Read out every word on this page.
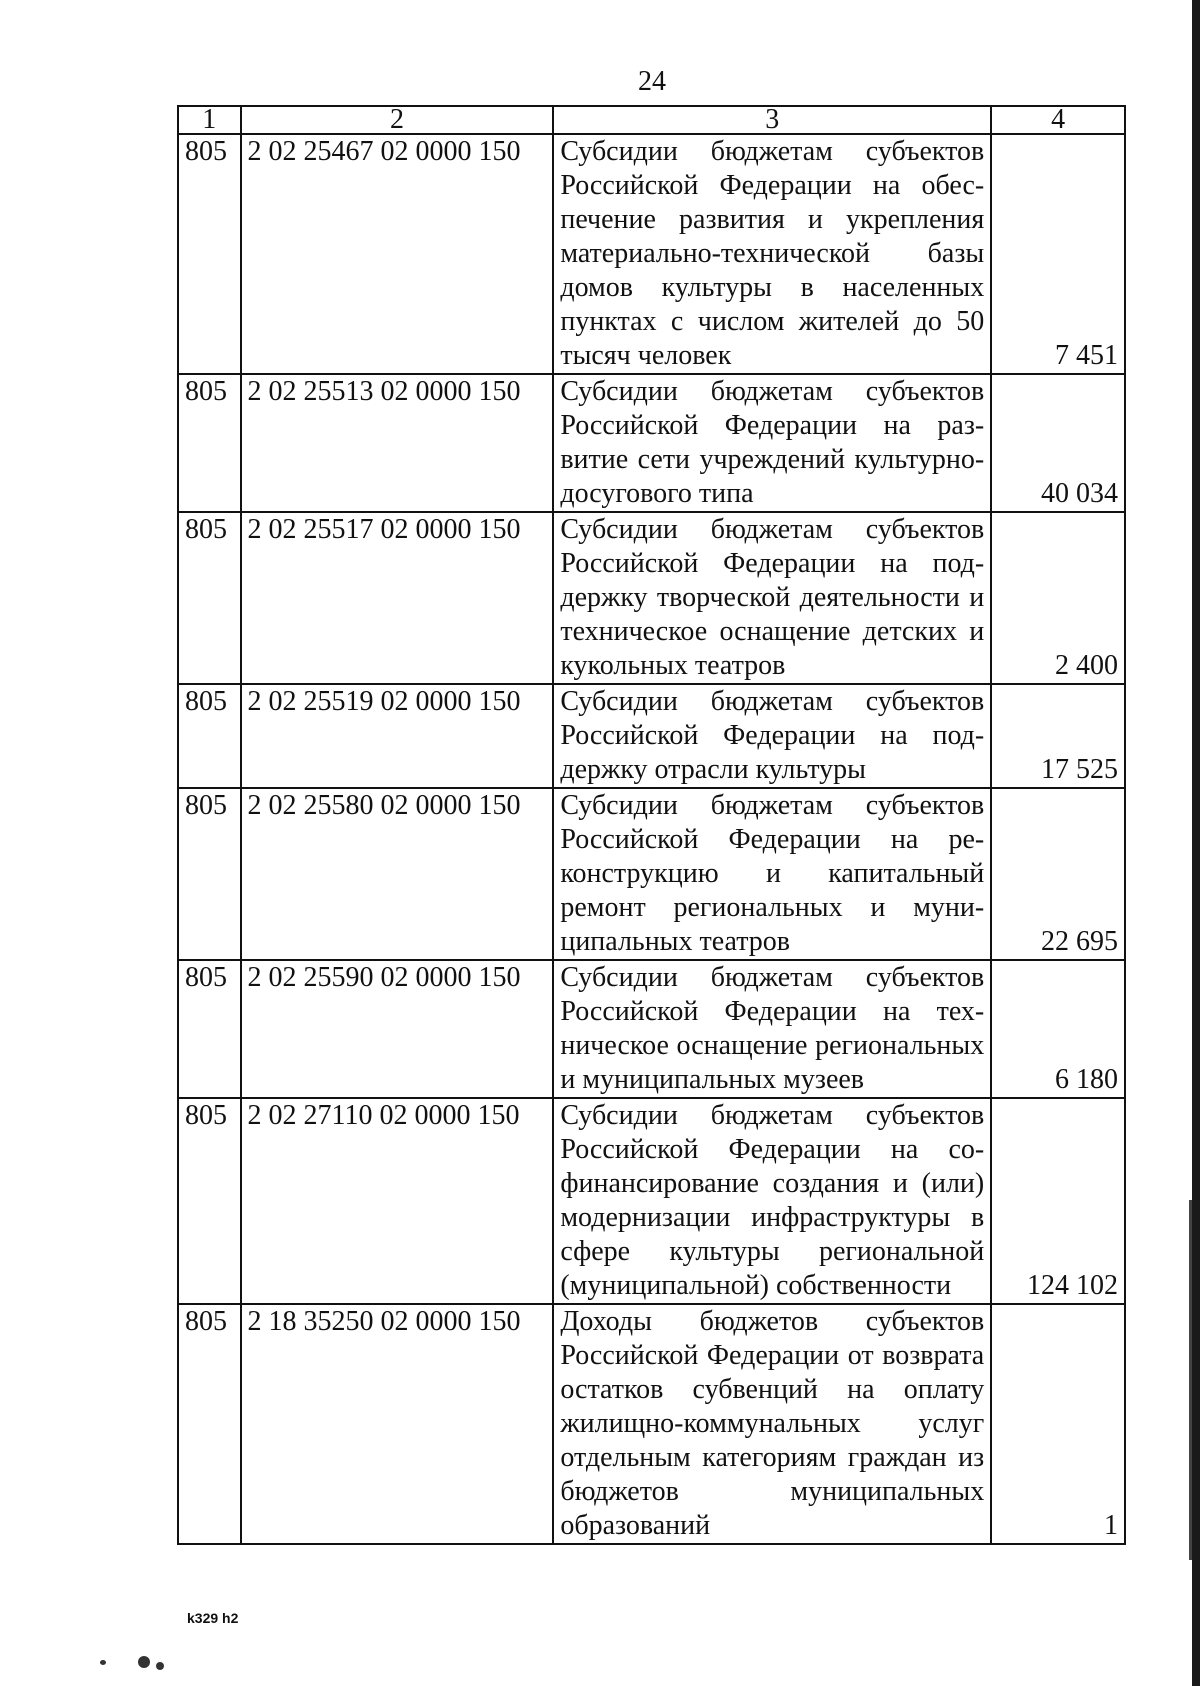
24
1	2	3	4
805	2 02 25467 02 0000 150	Субсидии бюджетам субъектов Российской Федерации на обеспечение развития и укрепления материально-технической базы домов культуры в населенных пунктах с числом жителей до 50 тысяч человек	7 451
805	2 02 25513 02 0000 150	Субсидии бюджетам субъектов Российской Федерации на развитие сети учреждений культурно-досугового типа	40 034
805	2 02 25517 02 0000 150	Субсидии бюджетам субъектов Российской Федерации на поддержку творческой деятельности и техническое оснащение детских и кукольных театров	2 400
805	2 02 25519 02 0000 150	Субсидии бюджетам субъектов Российской Федерации на поддержку отрасли культуры	17 525
805	2 02 25580 02 0000 150	Субсидии бюджетам субъектов Российской Федерации на реконструкцию и капитальный ремонт региональных и муниципальных театров	22 695
805	2 02 25590 02 0000 150	Субсидии бюджетам субъектов Российской Федерации на техническое оснащение региональных и муниципальных музеев	6 180
805	2 02 27110 02 0000 150	Субсидии бюджетам субъектов Российской Федерации на софинансирование создания и (или) модернизации инфраструктуры в сфере культуры региональной (муниципальной) собственности	124 102
805	2 18 35250 02 0000 150	Доходы бюджетов субъектов Российской Федерации от возврата остатков субвенций на оплату жилищно-коммунальных услуг отдельным категориям граждан из бюджетов муниципальных образований	1
k329 h2
